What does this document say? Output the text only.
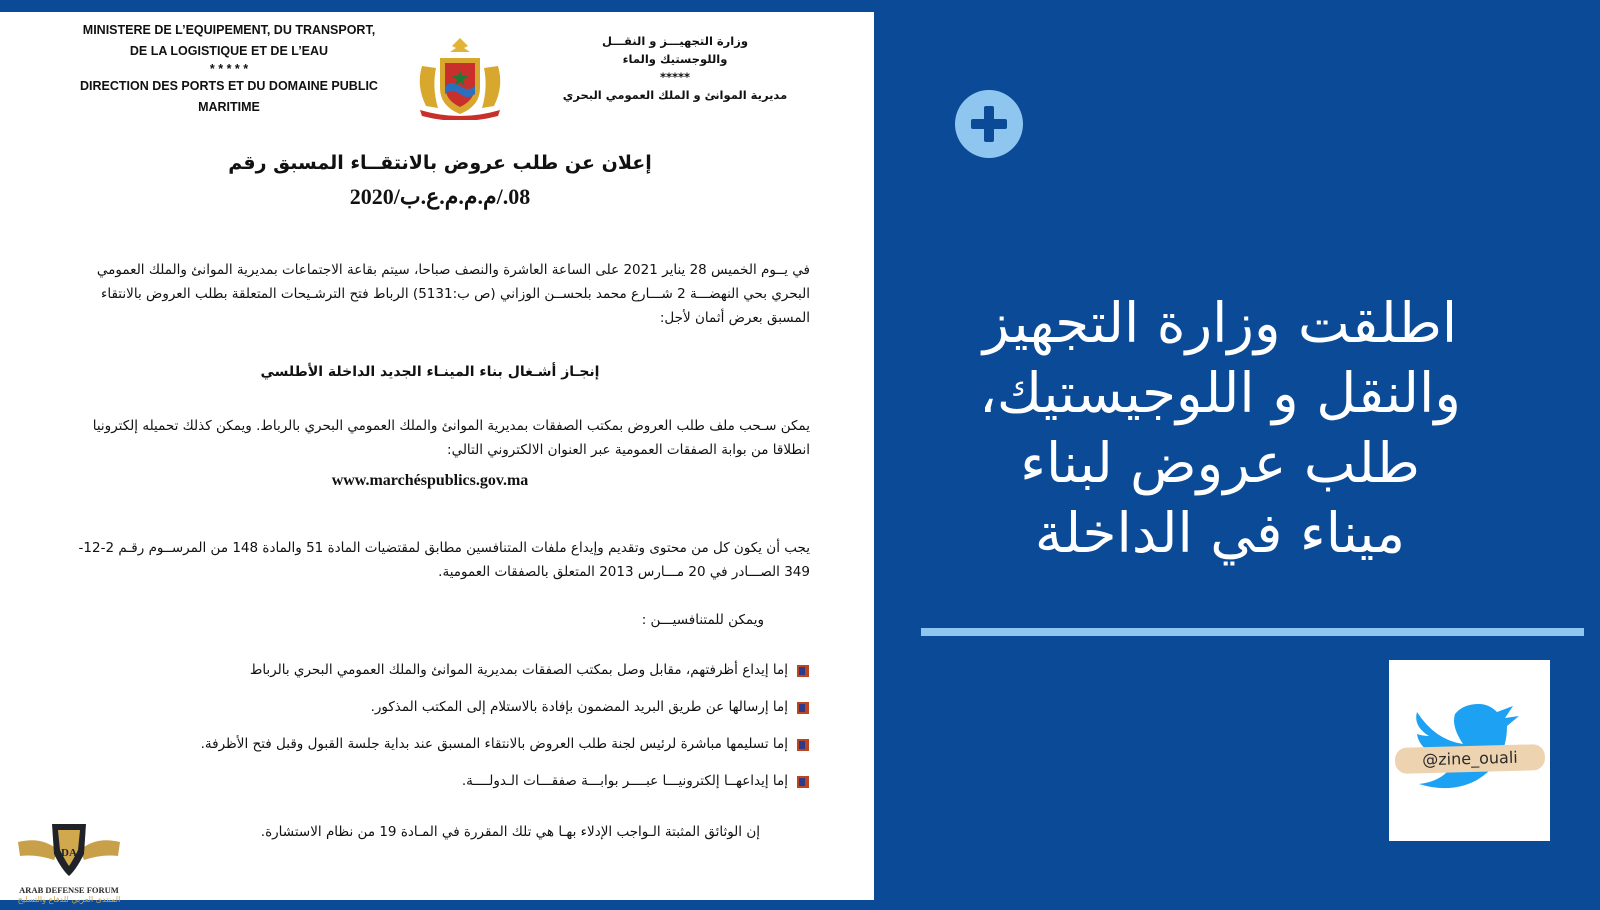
MINISTERE DE L’EQUIPEMENT, DU TRANSPORT,
DE LA LOGISTIQUE ET DE L’EAU
* * * * *
DIRECTION DES PORTS ET DU DOMAINE PUBLIC
MARITIME
وزارة التجهيـــز و النقـــل
واللوجستيك والماء
*****
مديرية الموانئ و الملك العمومي البحري
إعلان عن طلب عروض بالانتقــاء المسبق رقم
08./م.م.م.ع.ب/2020
في يــوم الخميس 28 يناير 2021 على الساعة العاشرة والنصف صباحا، سيتم بقاعة الاجتماعات بمديرية الموانئ والملك العمومي البحري بحي النهضـــة 2 شـــارع محمد بلحســن الوزاني (ص ب:5131) الرباط فتح الترشـيحات المتعلقة بطلب العروض بالانتقاء المسبق بعرض أثمان لأجل:
إنجـاز أشـغال بناء المينـاء الجديد الداخلة الأطلسي
يمكن سـحب ملف طلب العروض بمكتب الصفقات بمديرية الموانئ والملك العمومي البحري بالرباط. ويمكن كذلك تحميله إلكترونيا انطلاقا من بوابة الصفقات العمومية عبر العنوان الالكتروني التالي:
www.marchéspublics.gov.ma
يجب أن يكون كل من محتوى وتقديم وإيداع ملفات المتنافسين مطابق لمقتضيات المادة 51 والمادة 148 من المرســوم رقـم 2-12-349 الصـــادر في 20 مـــارس 2013 المتعلق بالصفقات العمومية.
ويمكن للمتنافسيـــن :
إما إيداع أظرفتهم، مقابل وصل بمكتب الصفقات بمديرية الموانئ والملك العمومي البحري بالرباط
إما إرسالها عن طريق البريد المضمون بإفادة بالاستلام إلى المكتب المذكور.
إما تسليمها مباشرة لرئيس لجنة طلب العروض بالانتقاء المسبق عند بداية جلسة القبول وقبل فتح الأظرفة.
إما إيداعهــا إلكترونيـــا عبــــر بوابـــة صفقـــات الـدولــــة.
إن الوثائق المثبتة الـواجب الإدلاء بهـا هي تلك المقررة في المـادة 19 من نظام الاستشارة.
DA
ARAB DEFENSE FORUM
المنتدى العربي للدفاع والتسليح
اطلقت وزارة التجهيز
والنقل و اللوجيستيك،
طلب عروض لبناء
ميناء في الداخلة
@zine_ouali
